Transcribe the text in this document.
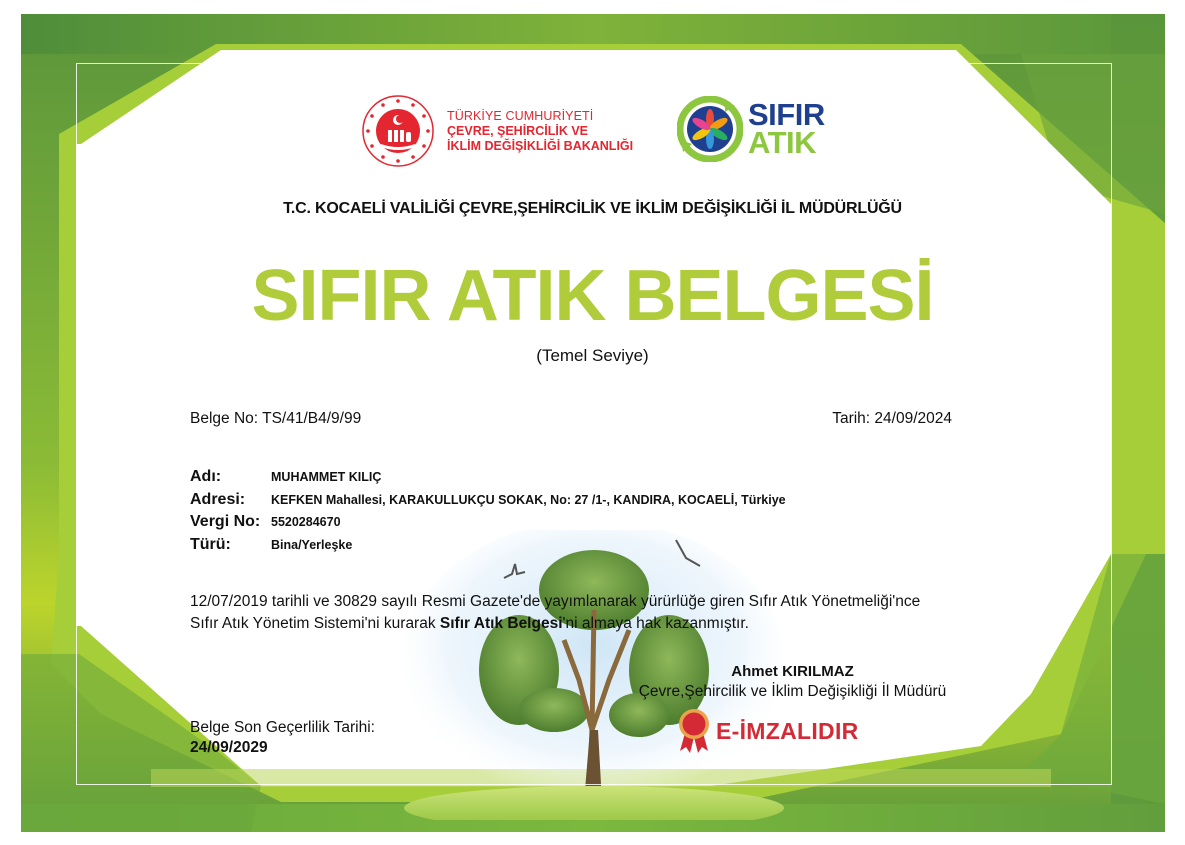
TÜRKİYE CUMHURİYETİ
ÇEVRE, ŞEHİRCİLİK VE
İKLİM DEĞİŞİKLİĞİ BAKANLIĞI
SIFIR
ATIK
T.C. KOCAELİ VALİLİĞİ ÇEVRE,ŞEHİRCİLİK VE İKLİM DEĞİŞİKLİĞİ İL MÜDÜRLÜĞÜ
SIFIR ATIK BELGESİ
(Temel Seviye)
Belge No: TS/41/B4/9/99	Tarih: 24/09/2024
Adı:	MUHAMMET KILIÇ
Adresi:	KEFKEN Mahallesi, KARAKULLUKÇU SOKAK, No: 27 /1-, KANDIRA, KOCAELİ, Türkiye
Vergi No: 5520284670
Türü:	Bina/Yerleşke
12/07/2019 tarihli ve 30829 sayılı Resmi Gazete'de yayımlanarak yürürlüğe giren Sıfır Atık Yönetmeliği'nce Sıfır Atık Yönetim Sistemi'ni kurarak Sıfır Atık Belgesi'ni almaya hak kazanmıştır.
Ahmet KIRILMAZ
Çevre,Şehircilik ve İklim Değişikliği İl Müdürü
E-İMZALIDIR
Belge Son Geçerlilik Tarihi:
24/09/2029
